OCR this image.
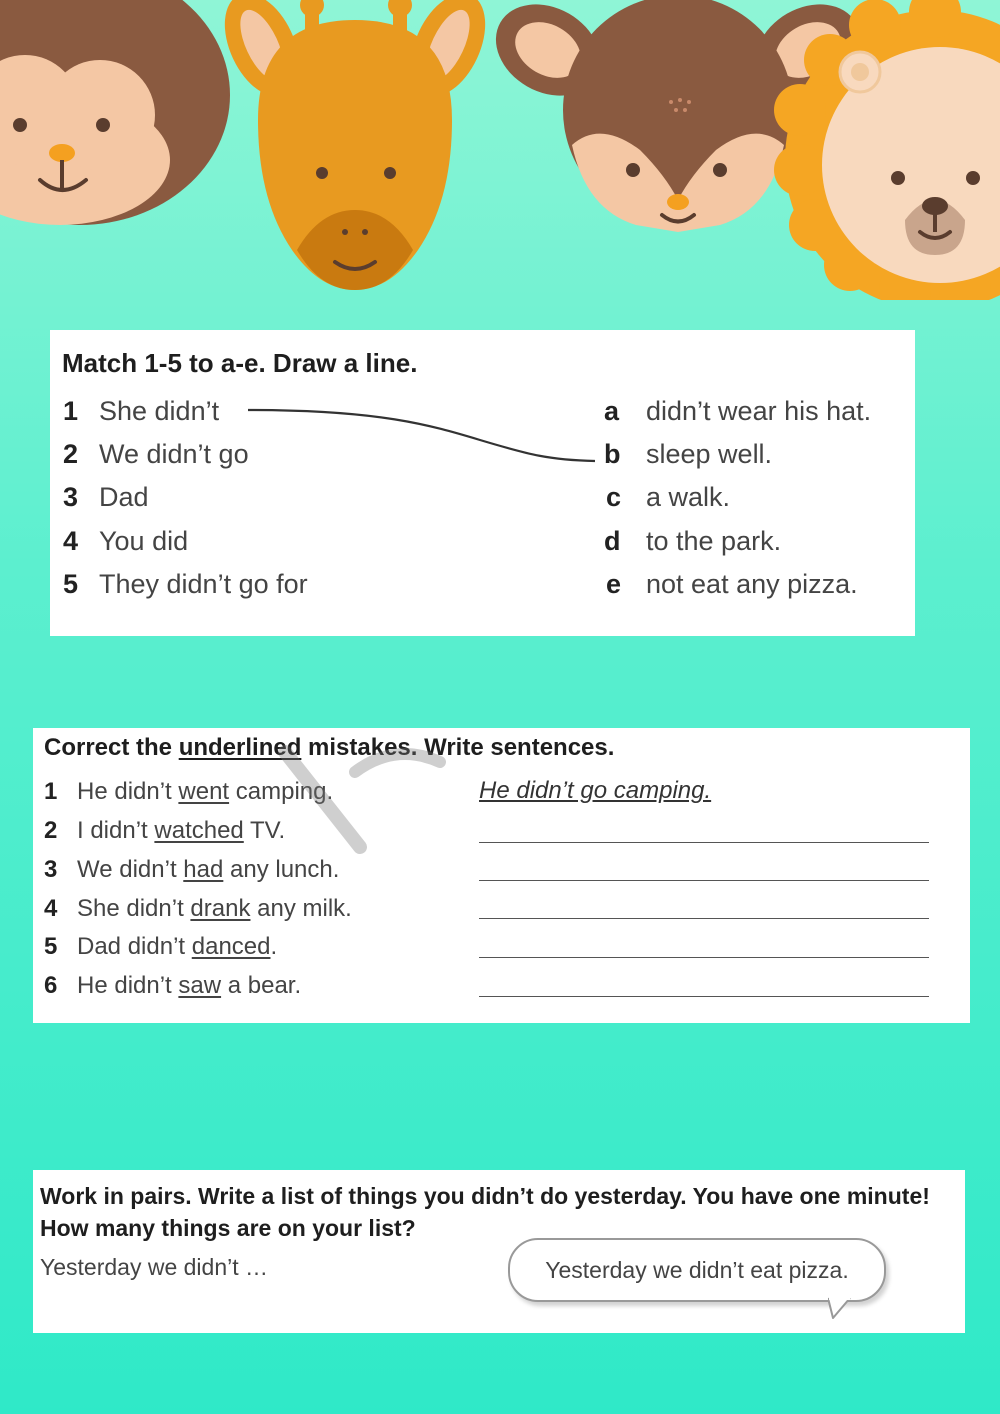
Match 1-5 to a-e. Draw a line.
1 She didn’t
2 We didn’t go
3 Dad
4 You did
5 They didn’t go for
a didn’t wear his hat.
b sleep well.
c a walk.
d to the park.
e not eat any pizza.
Correct the underlined mistakes. Write sentences.
1 He didn’t went camping.	He didn’t go camping.
2 I didn’t watched TV.
3 We didn’t had any lunch.
4 She didn’t drank any milk.
5 Dad didn’t danced.
6 He didn’t saw a bear.
Work in pairs. Write a list of things you didn’t do yesterday. You have one minute!
How many things are on your list?
Yesterday we didn’t …	Yesterday we didn’t eat pizza.
